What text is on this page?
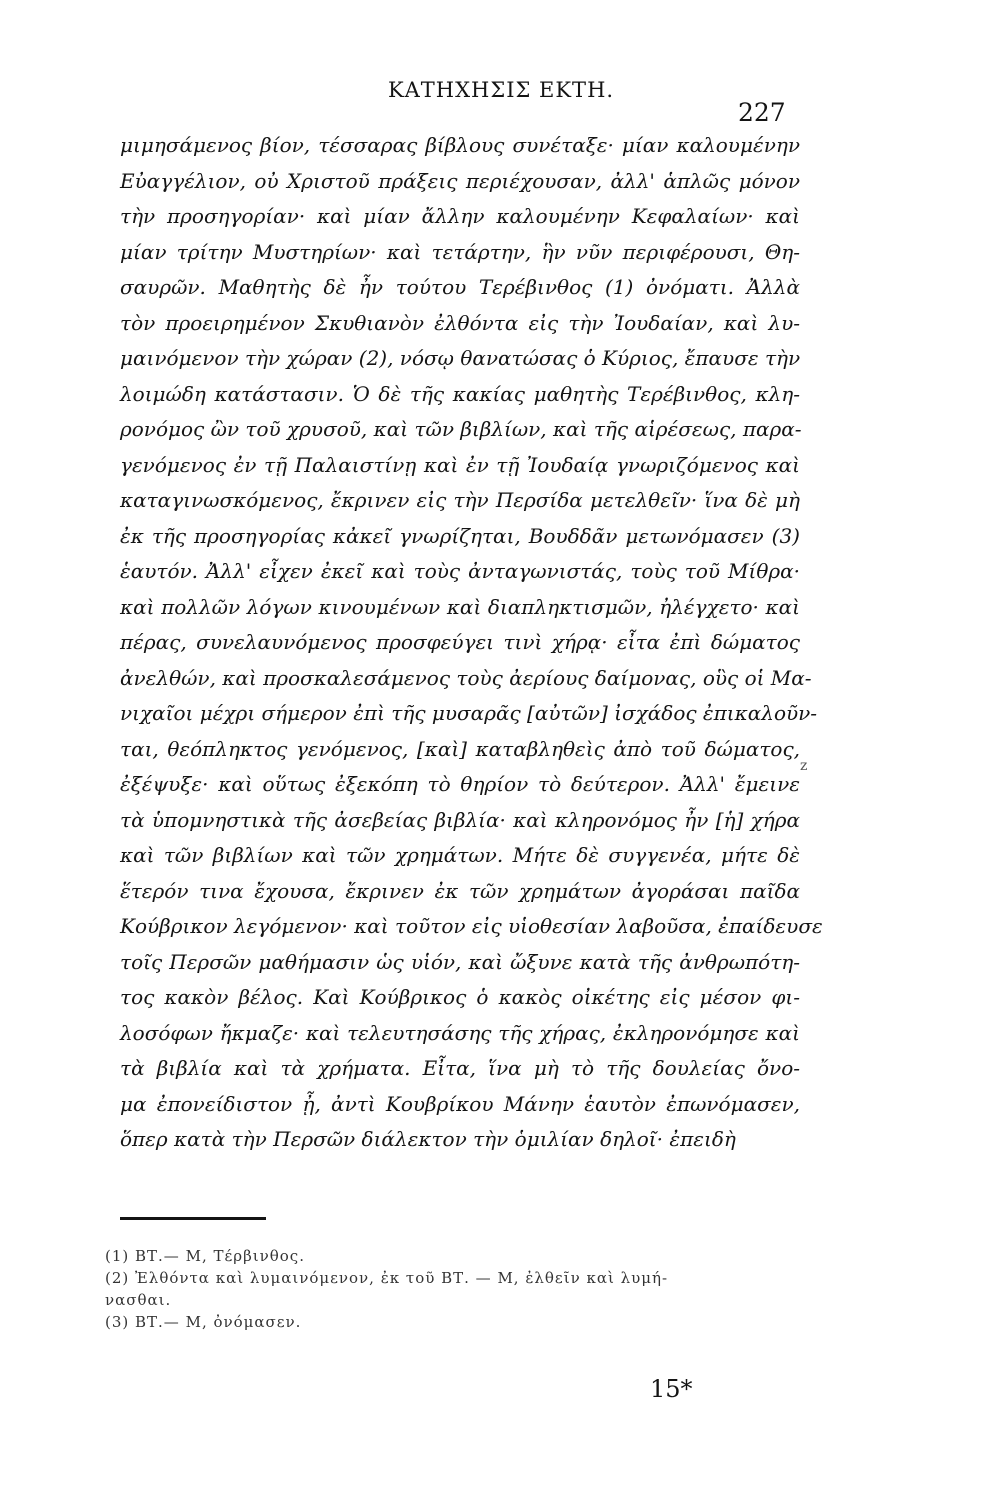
ΚΑΤΗΧΗΣΙΣ ΕΚΤΗ.
227
μιμησάμενος βίον, τέσσαρας βίβλους συνέταξε· μίαν καλουμένην
Εὐαγγέλιον, οὐ Χριστοῦ πράξεις περιέχουσαν, ἀλλ' ἁπλῶς μόνον
τὴν προσηγορίαν· καὶ μίαν ἄλλην καλουμένην Κεφαλαίων· καὶ
μίαν τρίτην Μυστηρίων· καὶ τετάρτην, ἣν νῦν περιφέρουσι, Θη-
σαυρῶν. Μαθητὴς δὲ ἦν τούτου Τερέβινθος (1) ὀνόματι. Ἀλλὰ
τὸν προειρημένον Σκυθιανὸν ἐλθόντα εἰς τὴν Ἰουδαίαν, καὶ λυ-
μαινόμενον τὴν χώραν (2), νόσῳ θανατώσας ὁ Κύριος, ἔπαυσε τὴν
λοιμώδη κατάστασιν. Ὁ δὲ τῆς κακίας μαθητὴς Τερέβινθος, κλη-
ρονόμος ὢν τοῦ χρυσοῦ, καὶ τῶν βιβλίων, καὶ τῆς αἱρέσεως, παρα-
γενόμενος ἐν τῇ Παλαιστίνῃ καὶ ἐν τῇ Ἰουδαίᾳ γνωριζόμενος καὶ
καταγινωσκόμενος, ἔκρινεν εἰς τὴν Περσίδα μετελθεῖν· ἵνα δὲ μὴ
ἐκ τῆς προσηγορίας κἀκεῖ γνωρίζηται, Βουδδᾶν μετωνόμασεν (3)
ἑαυτόν. Ἀλλ' εἶχεν ἐκεῖ καὶ τοὺς ἀνταγωνιστάς, τοὺς τοῦ Μίθρα·
καὶ πολλῶν λόγων κινουμένων καὶ διαπληκτισμῶν, ἠλέγχετο· καὶ
πέρας, συνελαυνόμενος προσφεύγει τινὶ χήρᾳ· εἶτα ἐπὶ δώματος
ἀνελθών, καὶ προσκαλεσάμενος τοὺς ἀερίους δαίμονας, οὓς οἱ Μα-
νιχαῖοι μέχρι σήμερον ἐπὶ τῆς μυσαρᾶς [αὐτῶν] ἰσχάδος ἐπικαλοῦν-
ται, θεόπληκτος γενόμενος, [καὶ] καταβληθεὶς ἀπὸ τοῦ δώματος,
ἐξέψυξε· καὶ οὕτως ἐξεκόπη τὸ θηρίον τὸ δεύτερον. Ἀλλ' ἔμεινε
τὰ ὑπομνηστικὰ τῆς ἀσεβείας βιβλία· καὶ κληρονόμος ἦν [ἡ] χήρα
καὶ τῶν βιβλίων καὶ τῶν χρημάτων. Μήτε δὲ συγγενέα, μήτε δὲ
ἕτερόν τινα ἔχουσα, ἔκρινεν ἐκ τῶν χρημάτων ἀγοράσαι παῖδα
Κούβρικον λεγόμενον· καὶ τοῦτον εἰς υἱοθεσίαν λαβοῦσα, ἐπαίδευσε
τοῖς Περσῶν μαθήμασιν ὡς υἱόν, καὶ ὤξυνε κατὰ τῆς ἀνθρωπότη-
τος κακὸν βέλος. Καὶ Κούβρικος ὁ κακὸς οἰκέτης εἰς μέσον φι-
λοσόφων ἤκμαζε· καὶ τελευτησάσης τῆς χήρας, ἐκληρονόμησε καὶ
τὰ βιβλία καὶ τὰ χρήματα. Εἶτα, ἵνα μὴ τὸ τῆς δουλείας ὄνο-
μα ἐπονείδιστον ᾖ, ἀντὶ Κουβρίκου Μάνην ἑαυτὸν ἐπωνόμασεν,
ὅπερ κατὰ τὴν Περσῶν διάλεκτον τὴν ὁμιλίαν δηλοῖ· ἐπειδὴ
z
(1) ΒΤ.— Μ, Τέρβινθος.
(2) Ἐλθόντα καὶ λυμαινόμενον, ἐκ τοῦ ΒΤ. — Μ, ἐλθεῖν καὶ λυμή-
νασθαι.
(3) ΒΤ.— Μ, ὀνόμασεν.
15*
